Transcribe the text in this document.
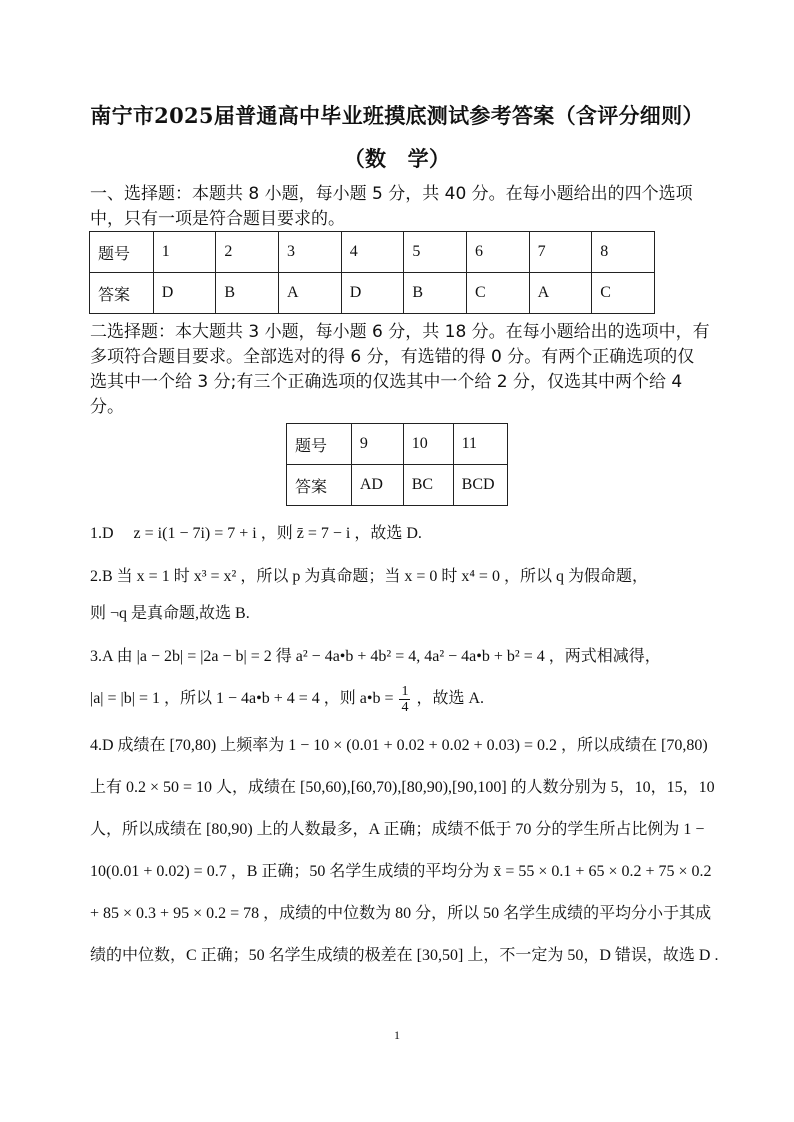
南宁市2025届普通高中毕业班摸底测试参考答案（含评分细则）
（数　学）
一、选择题：本题共 8 小题，每小题 5 分，共 40 分。在每小题给出的四个选项中，只有一项是符合题目要求的。
题号	1	2	3	4	5	6	7	8
答案	D	B	A	D	B	C	A	C
二选择题：本大题共 3 小题，每小题 6 分，共 18 分。在每小题给出的选项中，有多项符合题目要求。全部选对的得 6 分，有选错的得 0 分。有两个正确选项的仅选其中一个给 3 分;有三个正确选项的仅选其中一个给 2 分，仅选其中两个给 4 分。
题号	9	10	11
答案	AD	BC	BCD
1.D　 z = i(1 − 7i) = 7 + i ，则 z̄ = 7 − i ，故选 D.
2.B 当 x = 1 时 x³ = x² ，所以 p 为真命题；当 x = 0 时 x⁴ = 0 ，所以 q 为假命题，
则 ¬q 是真命题,故选 B.
3.A 由 |a − 2b| = |2a − b| = 2 得 a² − 4a•b + 4b² = 4, 4a² − 4a•b + b² = 4 ，两式相减得，
|a| = |b| = 1 ，所以 1 − 4a•b + 4 = 4 ，则 a•b = $\frac{1}{4}$ ，故选 A.
4.D 成绩在 [70,80) 上频率为 1 − 10 × (0.01 + 0.02 + 0.02 + 0.03) = 0.2 ，所以成绩在 [70,80) 上有 0.2 × 50 = 10 人，成绩在 [50,60),[60,70),[80,90),[90,100] 的人数分别为 5，10，15，10 人，所以成绩在 [80,90) 上的人数最多，A 正确；成绩不低于 70 分的学生所占比例为 1 − 10(0.01 + 0.02) = 0.7 ，B 正确；50 名学生成绩的平均分为 x̄ = 55 × 0.1 + 65 × 0.2 + 75 × 0.2 + 85 × 0.3 + 95 × 0.2 = 78 ，成绩的中位数为 80 分，所以 50 名学生成绩的平均分小于其成绩的中位数，C 正确；50 名学生成绩的极差在 [30,50] 上，不一定为 50，D 错误，故选 D .
1
